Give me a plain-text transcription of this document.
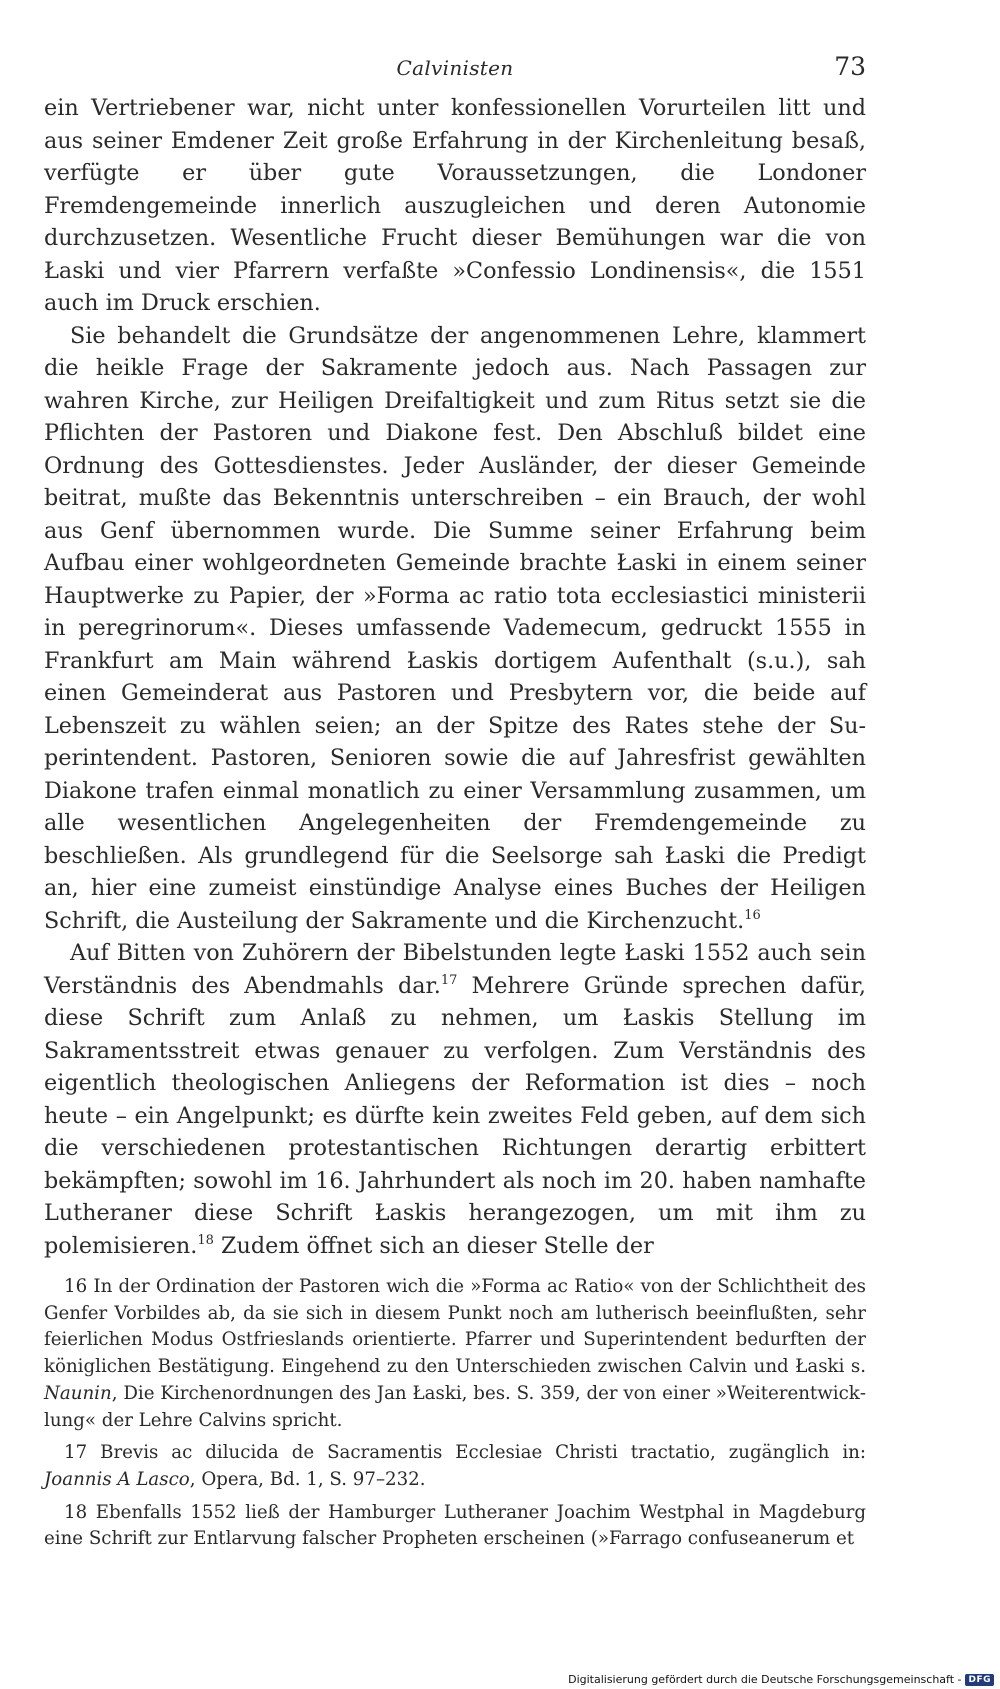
Calvinisten	73

ein Vertriebener war, nicht unter konfessionellen Vorurteilen litt und aus seiner Emdener Zeit große Erfahrung in der Kirchenleitung besaß, verfügte er über gute Voraussetzungen, die Londoner Fremdengemeinde innerlich auszugleichen und deren Autonomie durchzusetzen. Wesentliche Frucht dieser Bemühungen war die von Łaski und vier Pfarrern verfaßte »Confessio Londinensis«, die 1551 auch im Druck erschien.

Sie behandelt die Grundsätze der angenommenen Lehre, klammert die heikle Frage der Sakramente jedoch aus. Nach Passagen zur wahren Kirche, zur Heiligen Dreifaltigkeit und zum Ritus setzt sie die Pflichten der Pastoren und Diakone fest. Den Abschluß bildet eine Ordnung des Gottesdienstes. Jeder Ausländer, der dieser Gemeinde beitrat, mußte das Bekenntnis unterschreiben – ein Brauch, der wohl aus Genf übernommen wurde. Die Summe seiner Erfahrung beim Aufbau einer wohlgeordneten Gemeinde brachte Łaski in einem seiner Hauptwerke zu Papier, der »Forma ac ratio tota ecclesiastici ministerii in peregrinorum«. Dieses umfassende Vademecum, gedruckt 1555 in Frankfurt am Main während Łaskis dortigem Aufenthalt (s.u.), sah einen Gemeinderat aus Pastoren und Presbytern vor, die beide auf Lebenszeit zu wählen seien; an der Spitze des Rates stehe der Superintendent. Pastoren, Senioren sowie die auf Jahresfrist gewählten Diakone trafen einmal monatlich zu einer Versammlung zusammen, um alle wesentlichen Angelegenheiten der Fremdengemeinde zu beschließen. Als grundlegend für die Seelsorge sah Łaski die Predigt an, hier eine zumeist einstündige Analyse eines Buches der Heiligen Schrift, die Austeilung der Sakramente und die Kirchenzucht.$^{16}$

Auf Bitten von Zuhörern der Bibelstunden legte Łaski 1552 auch sein Verständnis des Abendmahls dar.$^{17}$ Mehrere Gründe sprechen dafür, diese Schrift zum Anlaß zu nehmen, um Łaskis Stellung im Sakramentsstreit etwas genauer zu verfolgen. Zum Verständnis des eigentlich theologischen Anliegens der Reformation ist dies – noch heute – ein Angelpunkt; es dürfte kein zweites Feld geben, auf dem sich die verschiedenen protestantischen Richtungen derartig erbittert bekämpften; sowohl im 16. Jahrhundert als noch im 20. haben namhafte Lutheraner diese Schrift Łaskis herangezogen, um mit ihm zu polemisieren.$^{18}$ Zudem öffnet sich an dieser Stelle der

16 In der Ordination der Pastoren wich die »Forma ac Ratio« von der Schlichtheit des Genfer Vorbildes ab, da sie sich in diesem Punkt noch am lutherisch beeinflußten, sehr feierlichen Modus Ostfrieslands orientierte. Pfarrer und Superintendent bedurften der königlichen Bestätigung. Eingehend zu den Unterschieden zwischen Calvin und Łaski s. Naunin, Die Kirchenordnungen des Jan Łaski, bes. S. 359, der von einer »Weiterentwicklung« der Lehre Calvins spricht.

17 Brevis ac dilucida de Sacramentis Ecclesiae Christi tractatio, zugänglich in: Joannis A Lasco, Opera, Bd. 1, S. 97–232.

18 Ebenfalls 1552 ließ der Hamburger Lutheraner Joachim Westphal in Magdeburg eine Schrift zur Entlarvung falscher Propheten erscheinen (»Farrago confuseanerum et

Digitalisierung gefördert durch die Deutsche Forschungsgemeinschaft - DFG
